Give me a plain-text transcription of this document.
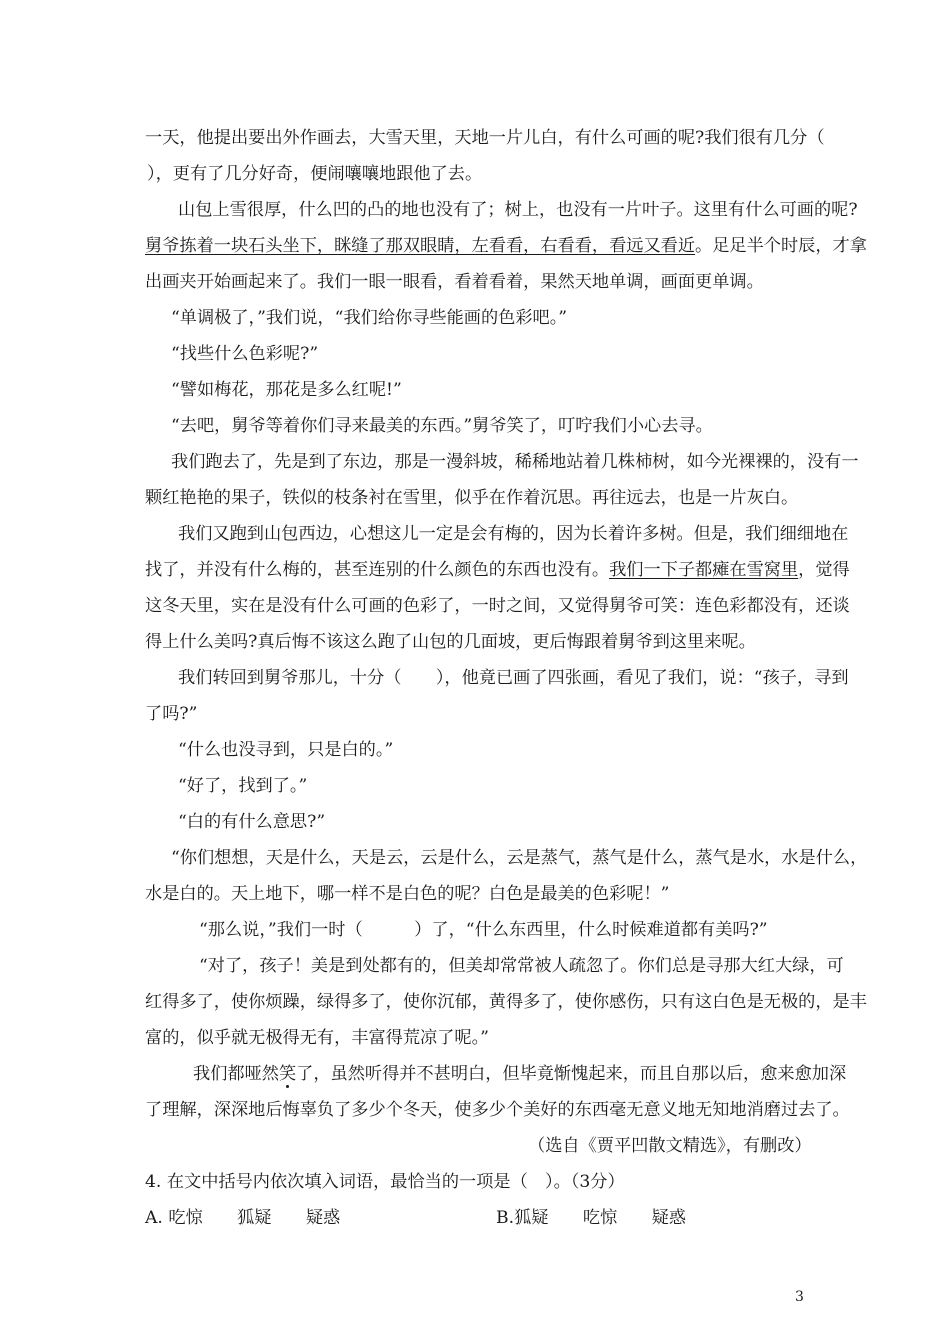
一天，他提出要出外作画去，大雪天里，天地一片儿白，有什么可画的呢?我们很有几分（
），更有了几分好奇，便闹嚷嚷地跟他了去。
山包上雪很厚，什么凹的凸的地也没有了；树上，也没有一片叶子。这里有什么可画的呢?
舅爷拣着一块石头坐下，眯缝了那双眼睛，左看看，右看看，看远又看近。足足半个时辰，才拿
出画夹开始画起来了。我们一眼一眼看，看着看着，果然天地单调，画面更单调。
“单调极了，”我们说，“我们给你寻些能画的色彩吧。”
“找些什么色彩呢?”
“譬如梅花，那花是多么红呢!”
“去吧，舅爷等着你们寻来最美的东西。”舅爷笑了，叮咛我们小心去寻。
我们跑去了，先是到了东边，那是一漫斜坡，稀稀地站着几株柿树，如今光裸裸的，没有一
颗红艳艳的果子，铁似的枝条衬在雪里，似乎在作着沉思。再往远去，也是一片灰白。
我们又跑到山包西边，心想这儿一定是会有梅的，因为长着许多树。但是，我们细细地在
找了，并没有什么梅的，甚至连别的什么颜色的东西也没有。我们一下子都瘫在雪窝里，觉得
这冬天里，实在是没有什么可画的色彩了，一时之间，又觉得舅爷可笑：连色彩都没有，还谈
得上什么美吗?真后悔不该这么跑了山包的几面坡，更后悔跟着舅爷到这里来呢。
我们转回到舅爷那儿，十分（　　），他竟已画了四张画，看见了我们，说：“孩子，寻到
了吗?”
“什么也没寻到，只是白的。”
“好了，找到了。”
“白的有什么意思?”
“你们想想，天是什么，天是云，云是什么，云是蒸气，蒸气是什么，蒸气是水，水是什么，
水是白的。天上地下，哪一样不是白色的呢？白色是最美的色彩呢！”
“那么说，”我们一时（　　　）了，“什么东西里，什么时候难道都有美吗?”
“对了，孩子！美是到处都有的，但美却常常被人疏忽了。你们总是寻那大红大绿，可
红得多了，使你烦躁，绿得多了，使你沉郁，黄得多了，使你感伤，只有这白色是无极的，是丰
富的，似乎就无极得无有，丰富得荒凉了呢。”
我们都哑然笑了，虽然听得并不甚明白，但毕竟惭愧起来，而且自那以后，愈来愈加深
了理解，深深地后悔辜负了多少个冬天，使多少个美好的东西毫无意义地无知地消磨过去了。
（选自《贾平凹散文精选》，有删改）
4. 在文中括号内依次填入词语，最恰当的一项是（　）。（3分）
A. 吃惊　　狐疑　　疑惑	B.狐疑　　吃惊　　疑惑
3
